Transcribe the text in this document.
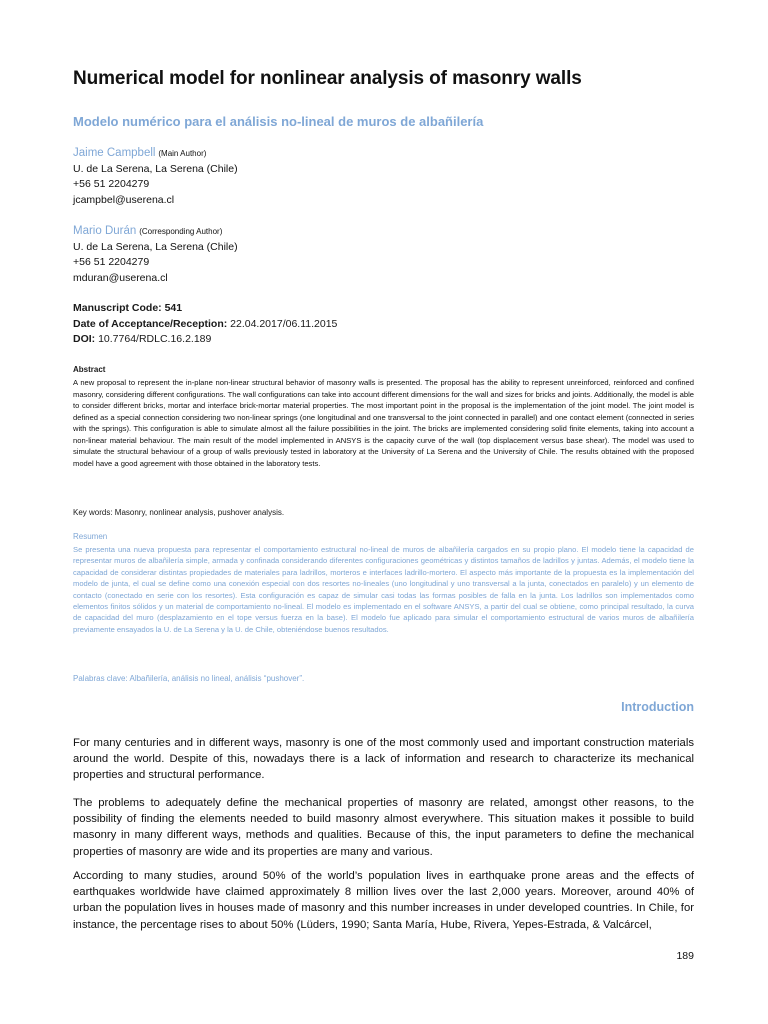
Numerical model for nonlinear analysis of masonry walls
Modelo numérico para el análisis no-lineal de muros de albañilería
Jaime Campbell (Main Author)
U. de La Serena, La Serena (Chile)
+56 51 2204279
jcampbel@userena.cl
Mario Durán (Corresponding Author)
U. de La Serena, La Serena (Chile)
+56 51 2204279
mduran@userena.cl
Manuscript Code: 541
Date of Acceptance/Reception: 22.04.2017/06.11.2015
DOI: 10.7764/RDLC.16.2.189
Abstract
A new proposal to represent the in-plane non-linear structural behavior of masonry walls is presented. The proposal has the ability to represent unreinforced, reinforced and confined masonry, considering different configurations. The wall configurations can take into account different dimensions for the wall and sizes for bricks and joints. Additionally, the model is able to consider different bricks, mortar and interface brick-mortar material properties. The most important point in the proposal is the implementation of the joint model. The joint model is defined as a special connection considering two non-linear springs (one longitudinal and one transversal to the joint connected in parallel) and one contact element (connected in series with the springs). This configuration is able to simulate almost all the failure possibilities in the joint. The bricks are implemented considering solid finite elements, taking into account a non-linear material behaviour. The main result of the model implemented in ANSYS is the capacity curve of the wall (top displacement versus base shear). The model was used to simulate the structural behaviour of a group of walls previously tested in laboratory at the University of La Serena and the University of Chile. The results obtained with the proposed model have a good agreement with those obtained in the laboratory tests.
Key words: Masonry, nonlinear analysis, pushover analysis.
Resumen
Se presenta una nueva propuesta para representar el comportamiento estructural no-lineal de muros de albañilería cargados en su propio plano. El modelo tiene la capacidad de representar muros de albañilería simple, armada y confinada considerando diferentes configuraciones geométricas y distintos tamaños de ladrillos y juntas. Además, el modelo tiene la capacidad de considerar distintas propiedades de materiales para ladrillos, morteros e interfaces ladrillo-mortero. El aspecto más importante de la propuesta es la implementación del modelo de junta, el cual se define como una conexión especial con dos resortes no-lineales (uno longitudinal y uno transversal a la junta, conectados en paralelo) y un elemento de contacto (conectado en serie con los resortes). Esta configuración es capaz de simular casi todas las formas posibles de falla en la junta. Los ladrillos son implementados como elementos finitos sólidos y un material de comportamiento no-lineal. El modelo es implementado en el software ANSYS, a partir del cual se obtiene, como principal resultado, la curva de capacidad del muro (desplazamiento en el tope versus fuerza en la base). El modelo fue aplicado para simular el comportamiento estructural de varios muros de albañilería previamente ensayados la U. de La Serena y la U. de Chile, obteniéndose buenos resultados.
Palabras clave: Albañilería, análisis no lineal, análisis “pushover”.
Introduction
For many centuries and in different ways, masonry is one of the most commonly used and important construction materials around the world. Despite of this, nowadays there is a lack of information and research to characterize its mechanical properties and structural performance.
The problems to adequately define the mechanical properties of masonry are related, amongst other reasons, to the possibility of finding the elements needed to build masonry almost everywhere. This situation makes it possible to build masonry in many different ways, methods and qualities. Because of this, the input parameters to define the mechanical properties of masonry are wide and its properties are many and various.
According to many studies, around 50% of the world’s population lives in earthquake prone areas and the effects of earthquakes worldwide have claimed approximately 8 million lives over the last 2,000 years. Moreover, around 40% of urban the population lives in houses made of masonry and this number increases in under developed countries. In Chile, for instance, the percentage rises to about 50% (Lüders, 1990; Santa María, Hube, Rivera, Yepes-Estrada, & Valcárcel,
189
